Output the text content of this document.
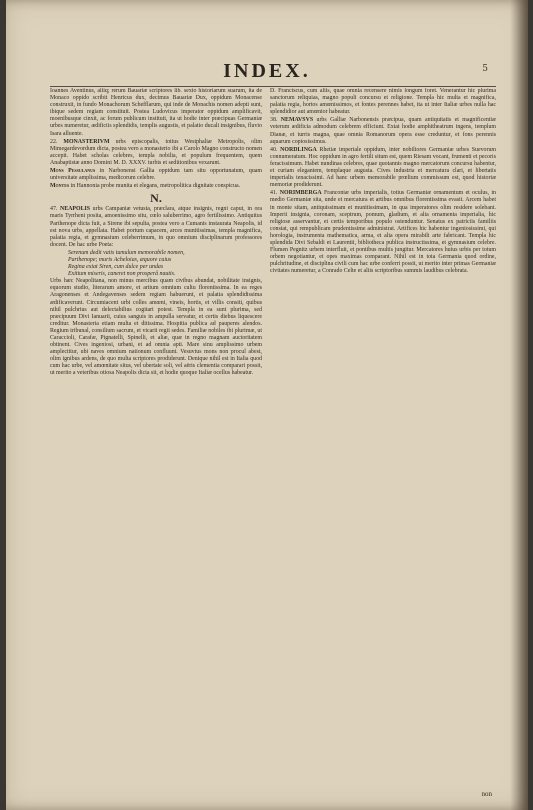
INDEX.	5

Ioannes Aventinus, aliiq; rerum Bauariæ scriptores lib. sexto historiarum suarum, ita de Monaco oppido scribit Henricus dux, decimus Bauariæ Dux, oppidum Monacense construxit, in fundo Monachorum Schefflarum, qui inde de Monachis nomen adepti sunt, ibique sedem regiam constituit. Postea Ludovicus imperator oppidum amplificavit, moenibusque cinxit, ac forum publicum instituit, ita ut hodie inter præcipuas Germaniæ urbes numeretur, ædificiis splendidis, templis augustis, et palatio ducali insignibus, fluvio Isara alluente.

22. MONASTERIVM urbs episcopalis, totius Westphaliæ Metropolis, olim Mimegardevordum dicta, postea vero a monasterio ibi a Carolo Magno constructo nomen accepit. Habet scholas celebres, templa nobilia, et populum frequentem, quem Anabaptistæ anno Domini M. D. XXXV. turbis et seditionibus vexarunt.

Mons Pessulanus in Narbonensi Gallia oppidum tam situ opportunatum, quam universitate amplissima, medicorum celebre.

Montes in Hannonia probe munita et elegans, metropolitica dignitate conspicua.

N.

47. NEAPOLIS urbs Campaniæ vetusta, præclara, atque insignis, regni caput, in ora maris Tyrrheni posita, amoenissimo situ, cœlo saluberrimo, agro fertilissimo. Antiquitus Parthenope dicta fuit, a Sirene ibi sepulta, postea vero a Cumanis instaurata Neapolis, id est nova urbs, appellata. Habet portum capacem, arces munitissimas, templa magnifica, palatia regia, et gymnasium celeberrimum, in quo omnium disciplinarum professores docent. De hac urbe Poeta:

Serenum dedit vatis tumulum memorabile nomen,
Parthenope; muris Acheloias, æquore cuius
Regina exiat Siren, cum dulce per undas
Exitium miseris, caneret non prosperâ nautis.

Urbs hæc Neapolitana, non minus mercibus quam civibus abundat, nobilitate insignis, equorum studio, literarum amore, et artium omnium cultu florentissima. In ea reges Aragonenses et Andegavenses sedem regiam habuerunt, et palatia splendidissima ædificaverunt. Circumiacent urbi colles amœni, vineis, hortis, et villis consiti, quibus nihil pulchrius aut delectabilius cogitari potest. Templa in ea sunt plurima, sed præcipuum Divi Ianuarii, cuius sanguis in ampulla servatur, et certis diebus liquescere creditur. Monasteria etiam multa et ditissima. Hospitia publica ad pauperes alendos. Regium tribunal, consilium sacrum, et vicarii regii sedes. Familiæ nobiles ibi plurimæ, ut Caraccioli, Carafæ, Pignatelli, Spinelli, et aliæ, quæ in regno magnam auctoritatem obtinent. Cives ingeniosi, urbani, et ad omnia apti. Mare sinu amplissimo urbem amplectitur, ubi naves omnium nationum confluunt. Vesuvius mons non procul abest, olim ignibus ardens, de quo multa scriptores prodiderunt. Denique nihil est in Italia quod cum hac urbe, vel amœnitate situs, vel ubertate soli, vel aëris clementia comparari possit, ut merito a veteribus otiosa Neapolis dicta sit, et hodie quoque Italiæ ocellus habeatur.

D. Franciscus, cum aliis, quae omnia recensere nimis longum foret. Venerantur hic plurima sanctorum reliquias, magno populi concursu et religione. Templa hic multa et magnifica, palatia regia, hortos amœnissimos, et fontes perennes habet, ita ut inter Italiæ urbes nulla hac splendidior aut amœnior habeatur.

38. NEMAVSVS urbs Galliæ Narbonensis præcipua, quam antiquitatis et magnificentiæ veterum ædificia admodum celebrem efficiunt. Extat hodie amphitheatrum ingens, templum Dianæ, et turris magna, quae omnia Romanorum opera esse creduntur, et fons perennis aquarum copiosissimus.

40. NORDLINGA Rhetiæ imperiale oppidum, inter nobiliores Germaniæ urbes Suevorum connumeratum. Hoc oppidum in agro fertili situm est, quem Riesam vocant, frumenti et pecoris feracissimum. Habet nundinas celebres, quae quotannis magno mercatorum concursu habentur, et curiam elegantem, templaque augusta. Cives industria et mercatura clari, et libertatis imperialis tenacissimi. Ad hanc urbem memorabile prœlium commissum est, quod historiæ memoriæ prodiderunt.

41. NORIMBERGA Franconiæ urbs imperialis, totius Germaniæ ornamentum et oculus, in medio Germaniæ sita, unde et mercatura et artibus omnibus florentissima evasit. Arcem habet in monte sitam, antiquissimam et munitissimam, in qua imperatores olim residere solebant. Imperii insignia, coronam, sceptrum, pomum, gladium, et alia ornamenta imperialia, hic religiose asservantur, et certis temporibus populo ostenduntur. Senatus ex patriciis familiis constat, qui rempublicam prudentissime administrat. Artifices hic habentur ingeniosissimi, qui horologia, instrumenta mathematica, arma, et alia opera mirabili arte fabricant. Templa hic splendida Divi Sebaldi et Laurentii, bibliotheca publica instructissima, et gymnasium celebre. Flumen Pegnitz urbem interfluit, et pontibus multis jungitur. Mercatores huius urbis per totum orbem negotiantur, et opes maximas comparant. Nihil est in tota Germania quod ordine, pulchritudine, et disciplina civili cum hac urbe conferri possit, ut merito inter primas Germaniæ civitates numeretur, a Conrado Celte et aliis scriptoribus summis laudibus celebrata.

non
